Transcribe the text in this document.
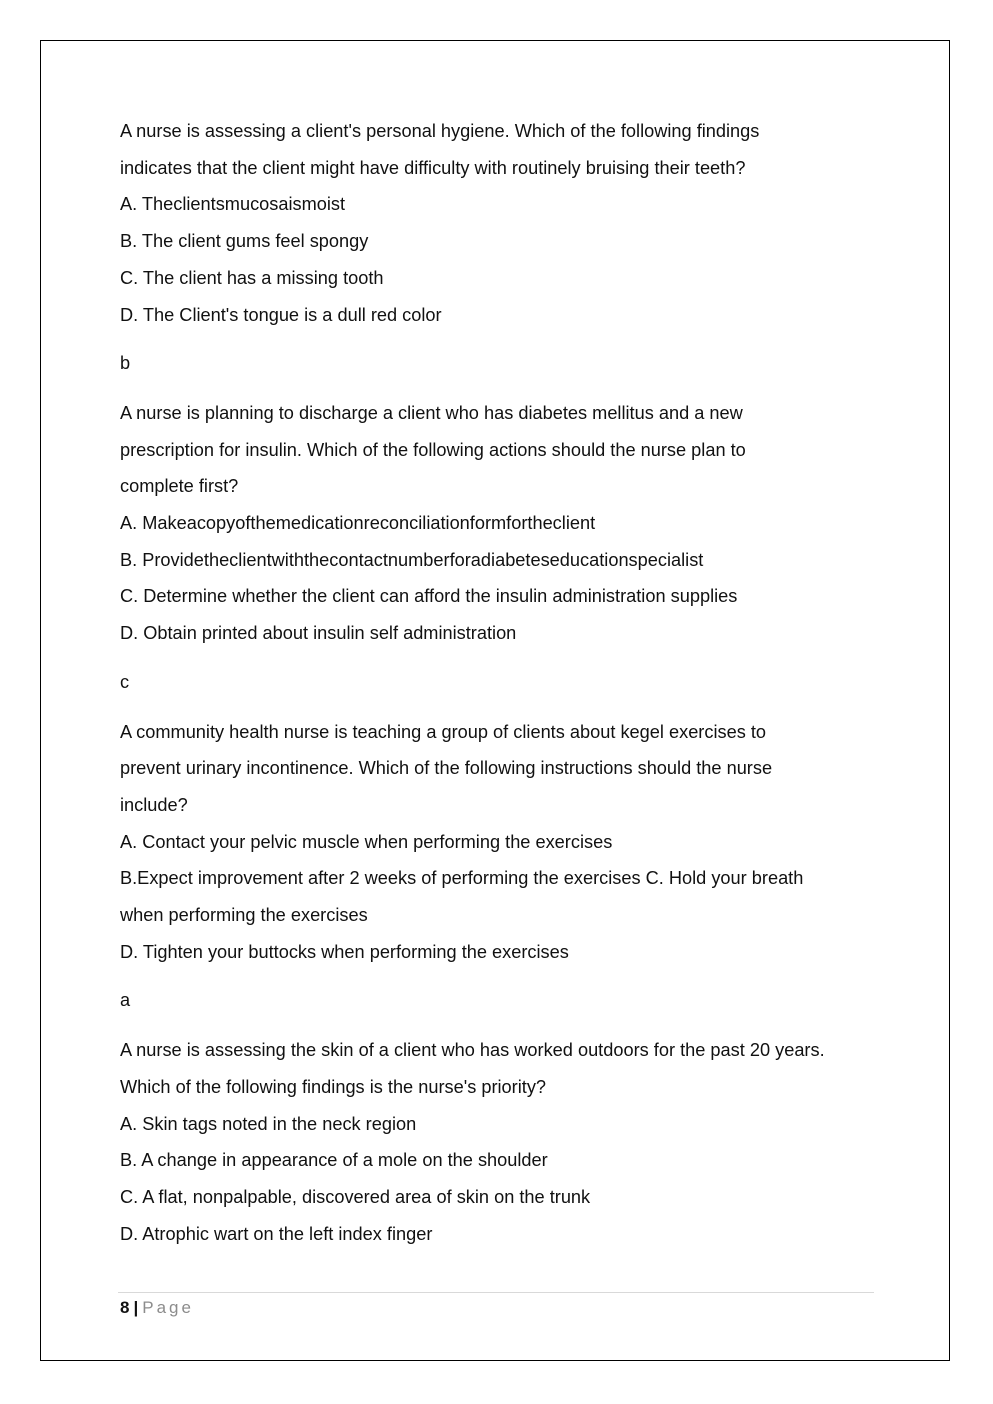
A nurse is assessing a client's personal hygiene. Which of the following findings
indicates that the client might have difficulty with routinely bruising their teeth?
A. Theclientsmucosaismoist
B. The client gums feel spongy
C. The client has a missing tooth
D. The Client's tongue is a dull red color
b
A nurse is planning to discharge a client who has diabetes mellitus and a new
prescription for insulin. Which of the following actions should the nurse plan to
complete first?
A. Makeacopyofthemedicationreconciliationformfortheclient
B. Providetheclientwiththecontactnumberforadiabeteseducationspecialist
C. Determine whether the client can afford the insulin administration supplies
D. Obtain printed about insulin self administration
c
A community health nurse is teaching a group of clients about kegel exercises to
prevent urinary incontinence. Which of the following instructions should the nurse
include?
A. Contact your pelvic muscle when performing the exercises
B.Expect improvement after 2 weeks of performing the exercises C. Hold your breath
when performing the exercises
D. Tighten your buttocks when performing the exercises
a
A nurse is assessing the skin of a client who has worked outdoors for the past 20 years.
Which of the following findings is the nurse's priority?
A. Skin tags noted in the neck region
B. A change in appearance of a mole on the shoulder
C. A flat, nonpalpable, discovered area of skin on the trunk
D. Atrophic wart on the left index finger
8 | Page
